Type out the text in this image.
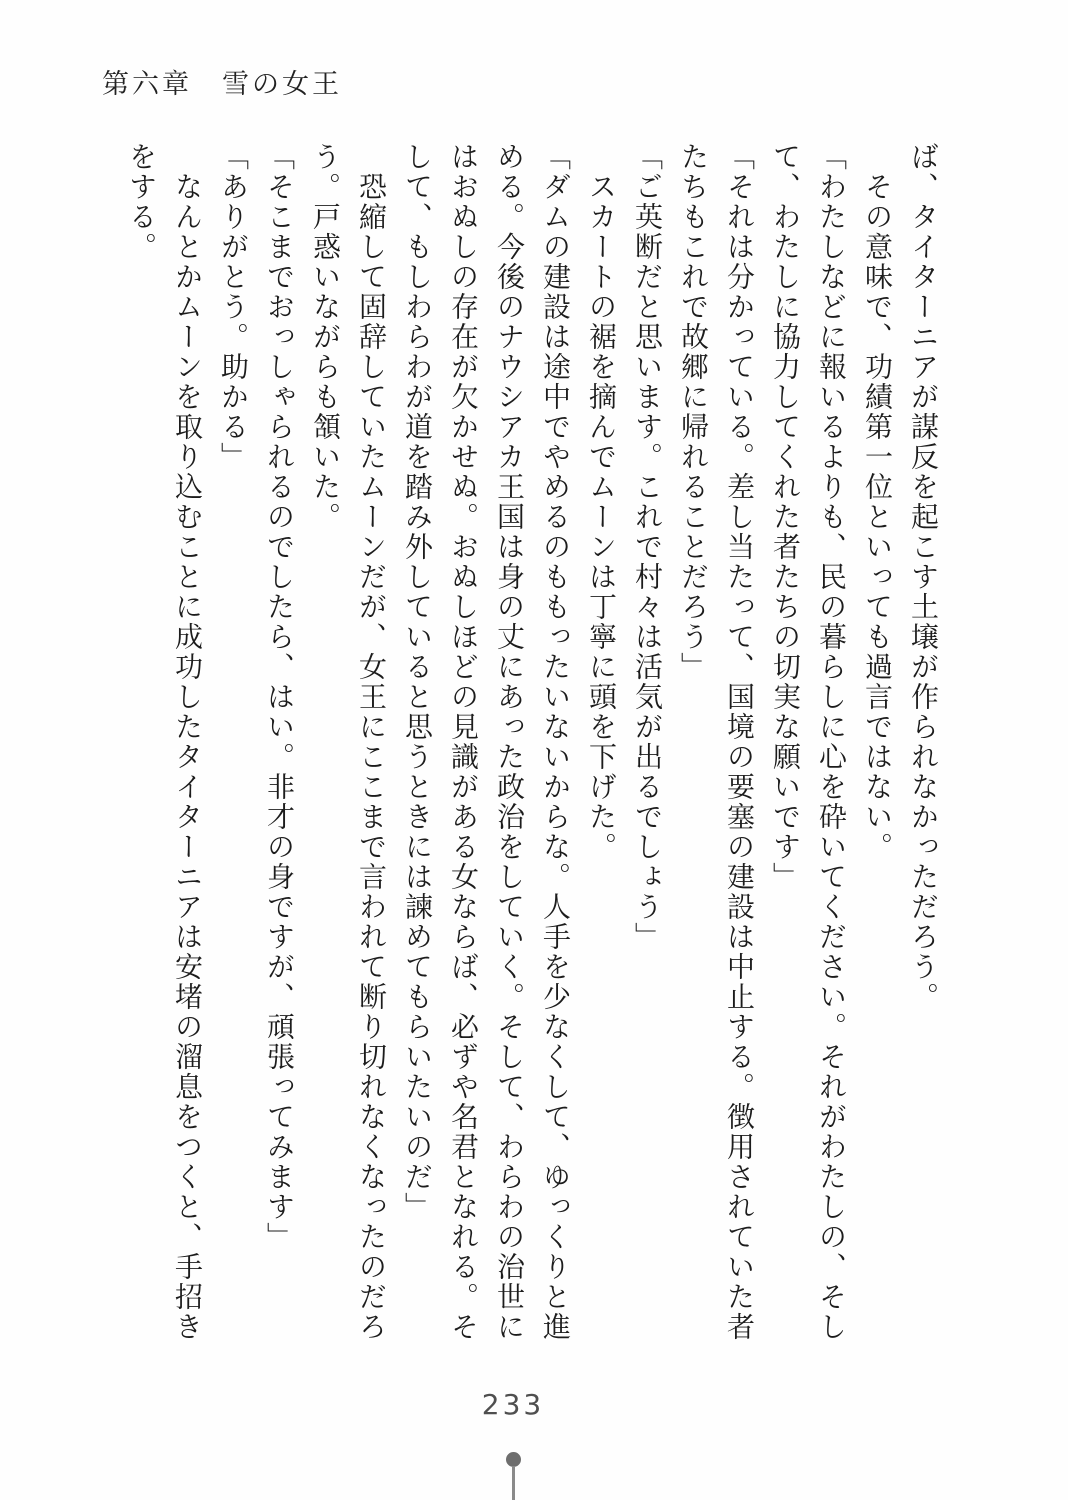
第六章　雪の女王

ば、タイターニアが謀反を起こす土壌が作られなかっただろう。

　その意味で、功績第一位といっても過言ではない。

「わたしなどに報いるよりも、民の暮らしに心を砕いてください。それがわたしの、そし

て、わたしに協力してくれた者たちの切実な願いです」

「それは分かっている。差し当たって、国境の要塞の建設は中止する。徴用されていた者

たちもこれで故郷に帰れることだろう」

「ご英断だと思います。これで村々は活気が出るでしょう」

　スカートの裾を摘んでムーンは丁寧に頭を下げた。

「ダムの建設は途中でやめるのももったいないからな。人手を少なくして、ゆっくりと進

める。今後のナウシアカ王国は身の丈にあった政治をしていく。そして、わらわの治世に

はおぬしの存在が欠かせぬ。おぬしほどの見識がある女ならば、必ずや名君となれる。そ

して、もしわらわが道を踏み外していると思うときには諫めてもらいたいのだ」

　恐縮して固辞していたムーンだが、女王にここまで言われて断り切れなくなったのだろ

う。戸惑いながらも頷いた。

「そこまでおっしゃられるのでしたら、はい。非才の身ですが、頑張ってみます」

「ありがとう。助かる」

　なんとかムーンを取り込むことに成功したタイターニアは安堵の溜息をつくと、手招き

をする。

233
